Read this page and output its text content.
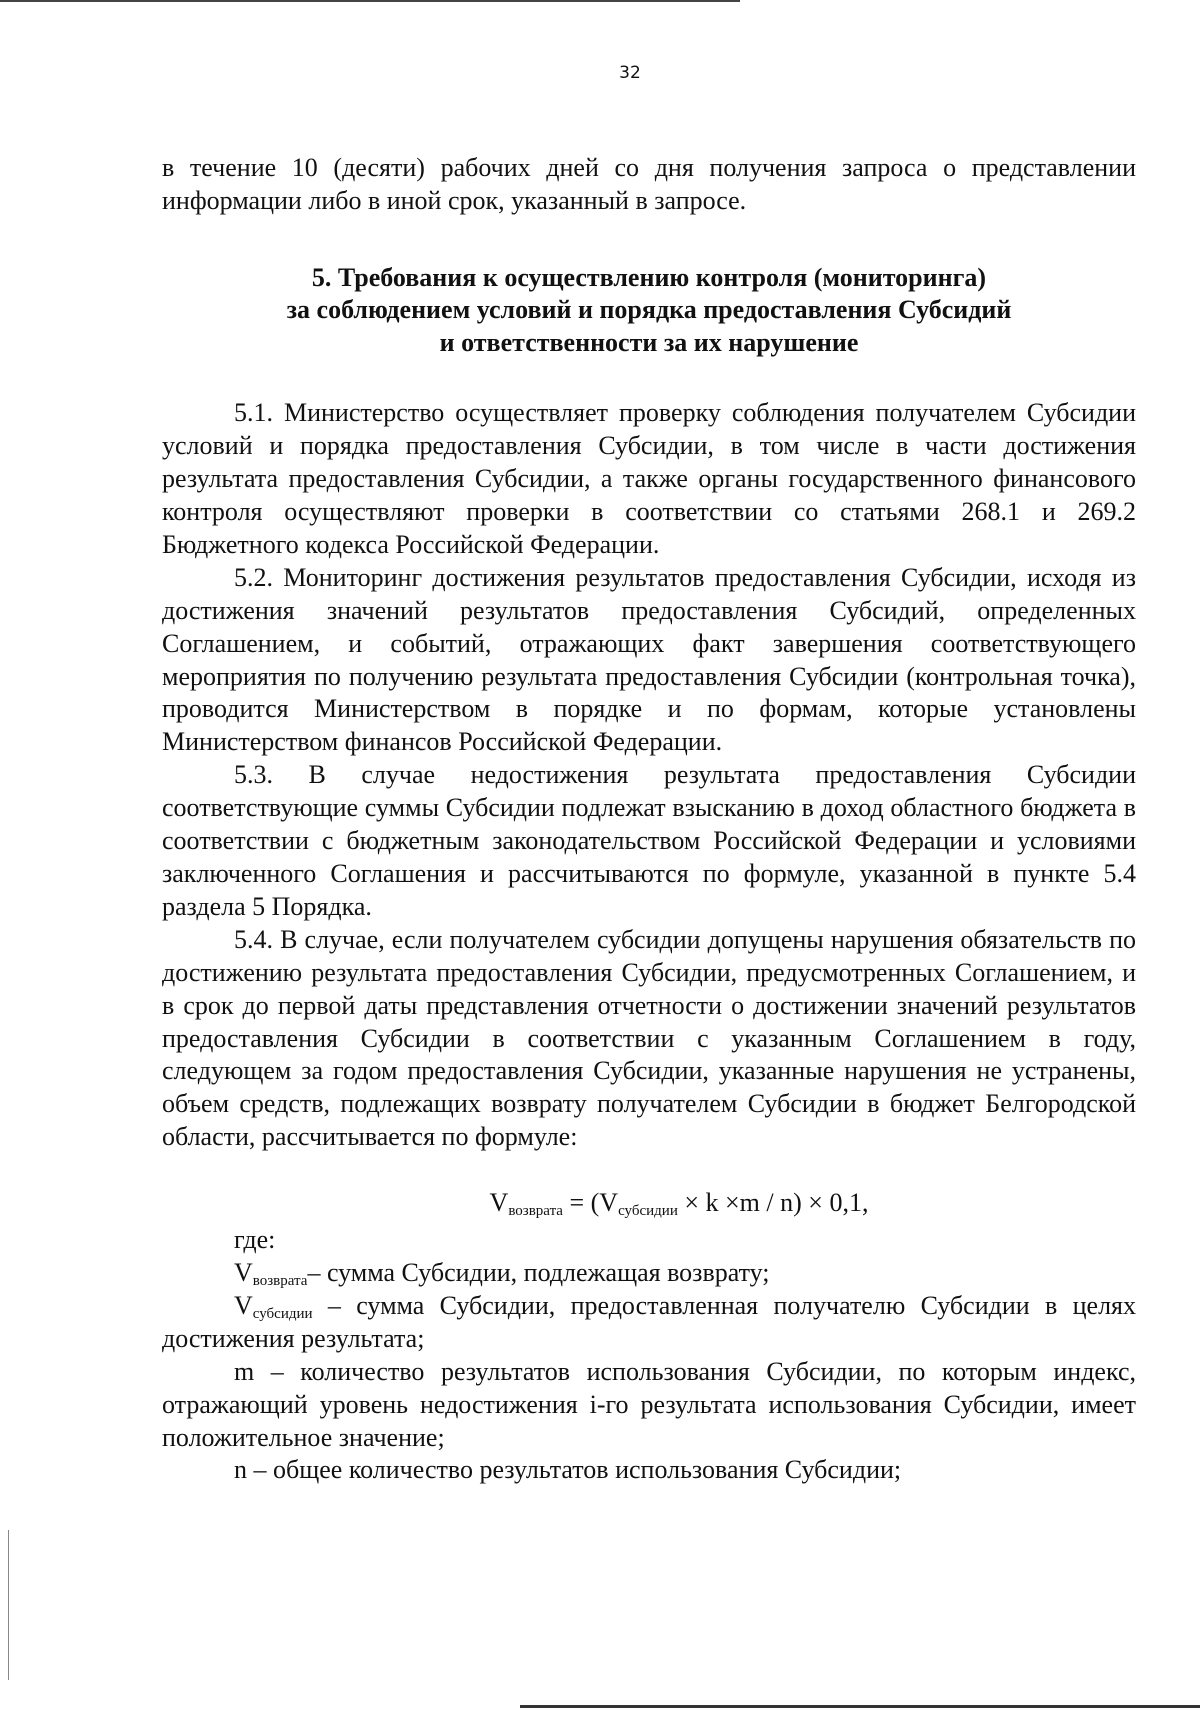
32

в течение 10 (десяти) рабочих дней со дня получения запроса о представлении информации либо в иной срок, указанный в запросе.

5. Требования к осуществлению контроля (мониторинга)
за соблюдением условий и порядка предоставления Субсидий
и ответственности за их нарушение

5.1. Министерство осуществляет проверку соблюдения получателем Субсидии условий и порядка предоставления Субсидии, в том числе в части достижения результата предоставления Субсидии, а также органы государственного финансового контроля осуществляют проверки в соответствии со статьями 268.1 и 269.2 Бюджетного кодекса Российской Федерации.

5.2. Мониторинг достижения результатов предоставления Субсидии, исходя из достижения значений результатов предоставления Субсидий, определенных Соглашением, и событий, отражающих факт завершения соответствующего мероприятия по получению результата предоставления Субсидии (контрольная точка), проводится Министерством в порядке и по формам, которые установлены Министерством финансов Российской Федерации.

5.3. В случае недостижения результата предоставления Субсидии соответствующие суммы Субсидии подлежат взысканию в доход областного бюджета в соответствии с бюджетным законодательством Российской Федерации и условиями заключенного Соглашения и рассчитываются по формуле, указанной в пункте 5.4 раздела 5 Порядка.

5.4. В случае, если получателем субсидии допущены нарушения обязательств по достижению результата предоставления Субсидии, предусмотренных Соглашением, и в срок до первой даты представления отчетности о достижении значений результатов предоставления Субсидии в соответствии с указанным Соглашением в году, следующем за годом предоставления Субсидии, указанные нарушения не устранены, объем средств, подлежащих возврату получателем Субсидии в бюджет Белгородской области, рассчитывается по формуле:

$V_{возврата} = (V_{субсидии} \times k \times m / n) \times 0,1$,

где:

$V_{возврата}-$ сумма Субсидии, подлежащая возврату;

$V_{субсидии}$ – сумма Субсидии, предоставленная получателю Субсидии в целях достижения результата;

m – количество результатов использования Субсидии, по которым индекс, отражающий уровень недостижения i-го результата использования Субсидии, имеет положительное значение;

n – общее количество результатов использования Субсидии;
